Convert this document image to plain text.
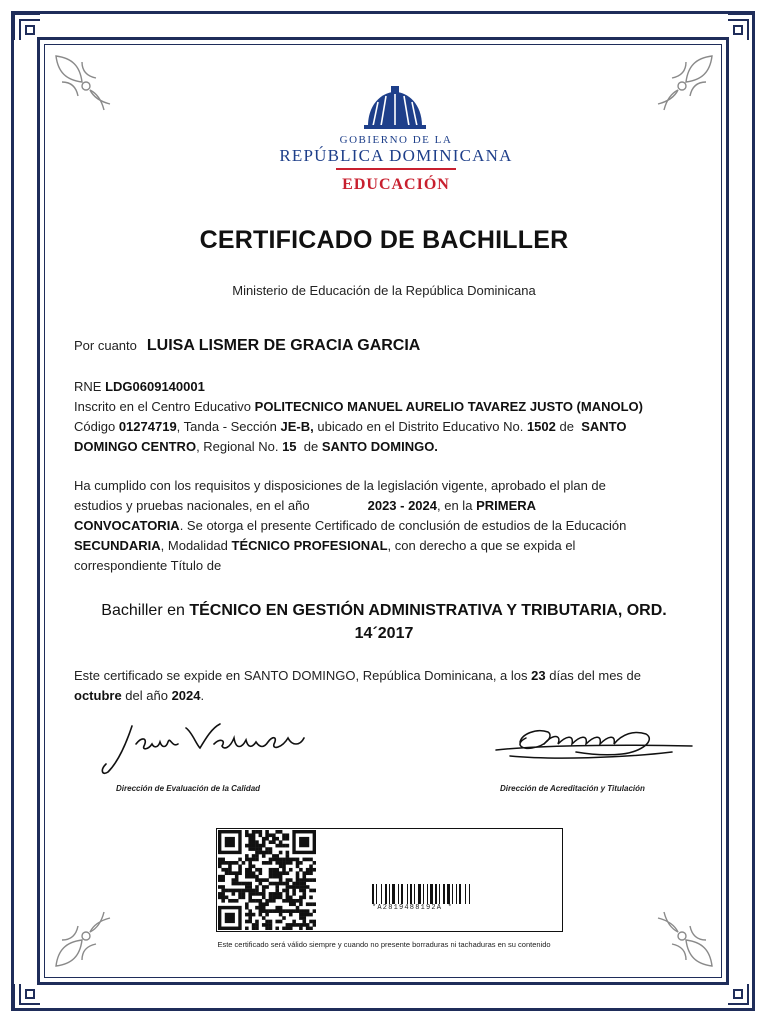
GOBIERNO DE LA
REPÚBLICA DOMINICANA
EDUCACIÓN
CERTIFICADO DE BACHILLER
Ministerio de Educación de la República Dominicana
Por cuanto LUISA LISMER DE GRACIA GARCIA
RNE LDG0609140001
Inscrito en el Centro Educativo POLITECNICO MANUEL AURELIO TAVAREZ JUSTO (MANOLO)
Código 01274719, Tanda - Sección JE-B, ubicado en el Distrito Educativo No. 1502 de SANTO
DOMINGO CENTRO, Regional No. 15 de SANTO DOMINGO.
Ha cumplido con los requisitos y disposiciones de la legislación vigente, aprobado el plan de
estudios y pruebas nacionales, en el año	2023 - 2024, en la PRIMERA
CONVOCATORIA. Se otorga el presente Certificado de conclusión de estudios de la Educación
SECUNDARIA, Modalidad TÉCNICO PROFESIONAL, con derecho a que se expida el
correspondiente Título de
Bachiller en TÉCNICO EN GESTIÓN ADMINISTRATIVA Y TRIBUTARIA, ORD.
14´2017
Este certificado se expide en SANTO DOMINGO, República Dominicana, a los 23 días del mes de
octubre del año 2024.
Dirección de Evaluación de la Calidad	Dirección de Acreditación y Titulación
*A2819488192A *
Este certificado será válido siempre y cuando no presente borraduras ni tachaduras en su contenido
